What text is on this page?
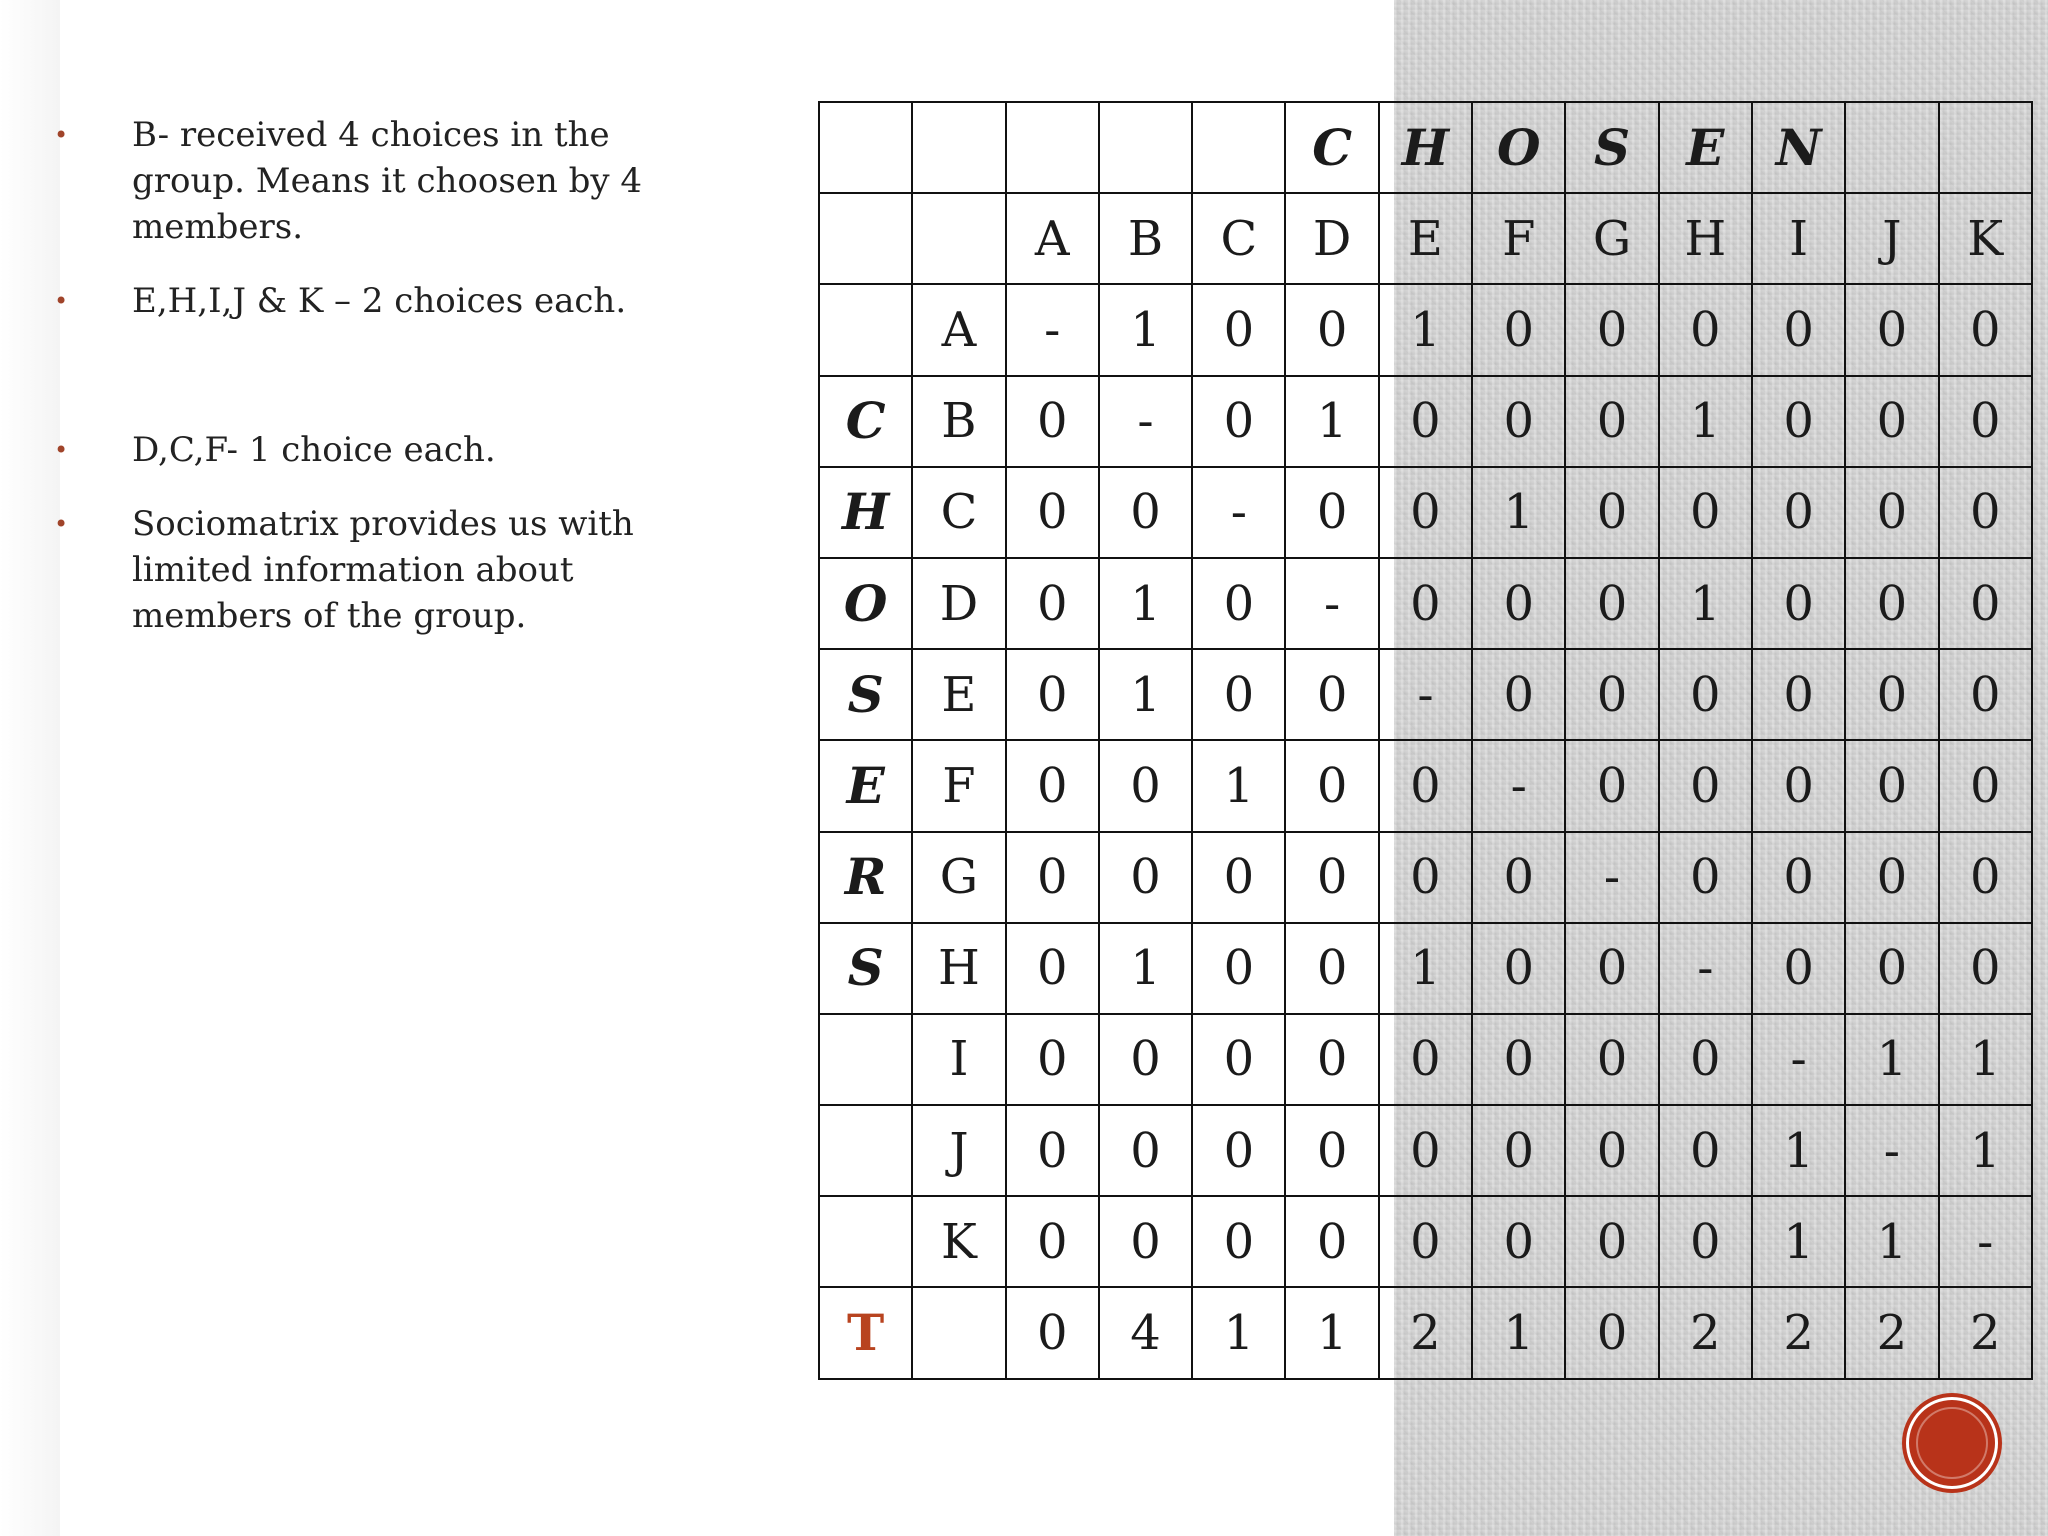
• B- received 4 choices in the group. Means it choosen by 4 members.
• E,H,I,J & K – 2 choices each.
• D,C,F- 1 choice each.
• Sociomatrix provides us with limited information about members of the group.
					C	H	O	S	E	N		
		A	B	C	D	E	F	G	H	I	J	K
	A	-	1	0	0	1	0	0	0	0	0	0
C	B	0	-	0	1	0	0	0	1	0	0	0
H	C	0	0	-	0	0	1	0	0	0	0	0
O	D	0	1	0	-	0	0	0	1	0	0	0
S	E	0	1	0	0	-	0	0	0	0	0	0
E	F	0	0	1	0	0	-	0	0	0	0	0
R	G	0	0	0	0	0	0	-	0	0	0	0
S	H	0	1	0	0	1	0	0	-	0	0	0
	I	0	0	0	0	0	0	0	0	-	1	1
	J	0	0	0	0	0	0	0	0	1	-	1
	K	0	0	0	0	0	0	0	0	1	1	-
T		0	4	1	1	2	1	0	2	2	2	2
